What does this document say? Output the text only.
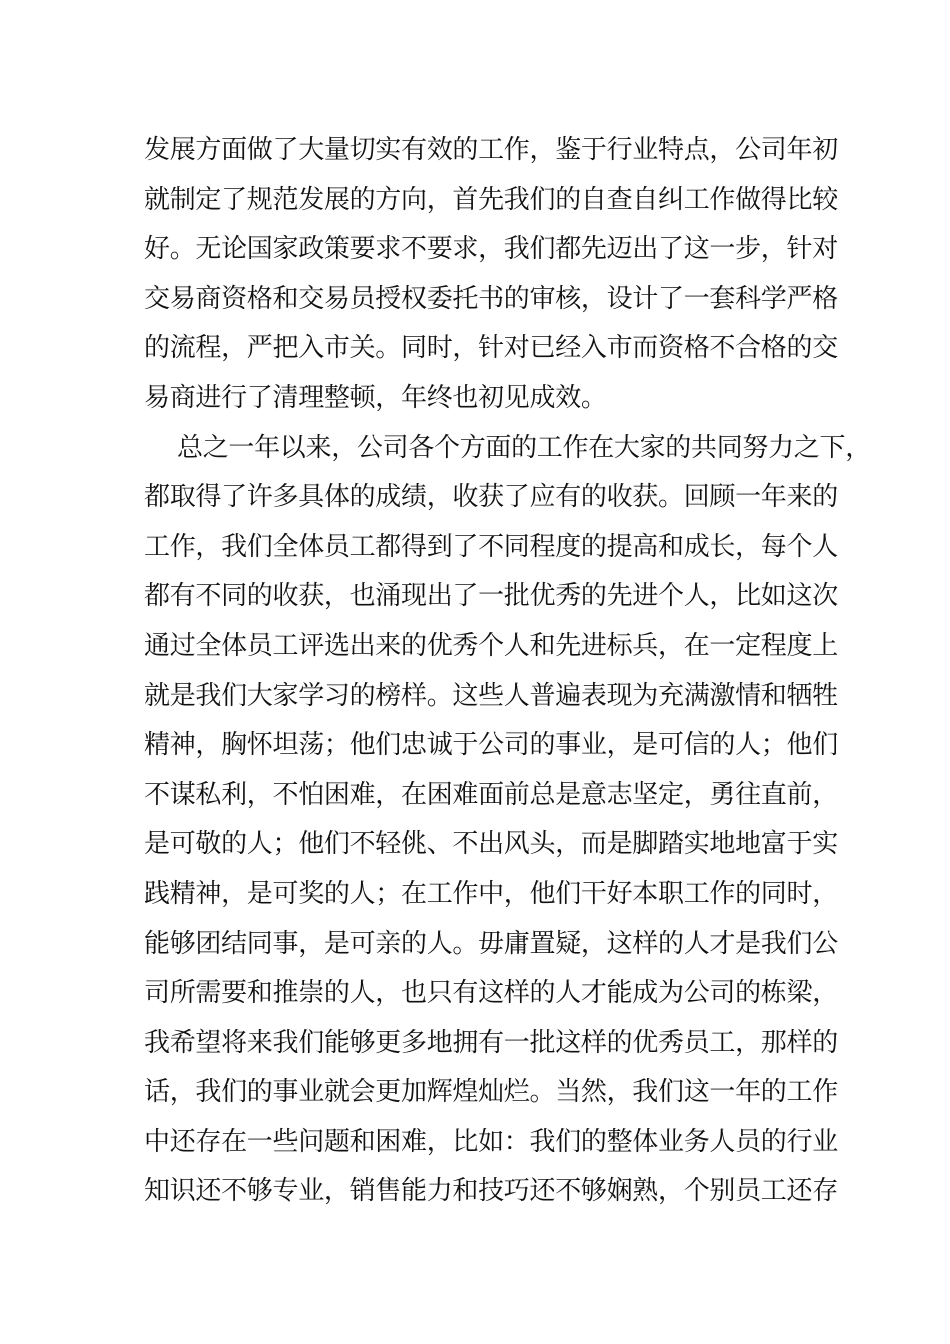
发展方面做了大量切实有效的工作，鉴于行业特点，公司年初
就制定了规范发展的方向，首先我们的自查自纠工作做得比较
好。无论国家政策要求不要求，我们都先迈出了这一步，针对
交易商资格和交易员授权委托书的审核，设计了一套科学严格
的流程，严把入市关。同时，针对已经入市而资格不合格的交
易商进行了清理整顿，年终也初见成效。
总之一年以来，公司各个方面的工作在大家的共同努力之下，
都取得了许多具体的成绩，收获了应有的收获。回顾一年来的
工作，我们全体员工都得到了不同程度的提高和成长，每个人
都有不同的收获，也涌现出了一批优秀的先进个人，比如这次
通过全体员工评选出来的优秀个人和先进标兵，在一定程度上
就是我们大家学习的榜样。这些人普遍表现为充满激情和牺牲
精神，胸怀坦荡；他们忠诚于公司的事业，是可信的人；他们
不谋私利，不怕困难，在困难面前总是意志坚定，勇往直前，
是可敬的人；他们不轻佻、不出风头，而是脚踏实地地富于实
践精神，是可奖的人；在工作中，他们干好本职工作的同时，
能够团结同事，是可亲的人。毋庸置疑，这样的人才是我们公
司所需要和推崇的人，也只有这样的人才能成为公司的栋梁，
我希望将来我们能够更多地拥有一批这样的优秀员工，那样的
话，我们的事业就会更加辉煌灿烂。当然，我们这一年的工作
中还存在一些问题和困难，比如：我们的整体业务人员的行业
知识还不够专业，销售能力和技巧还不够娴熟，个别员工还存
